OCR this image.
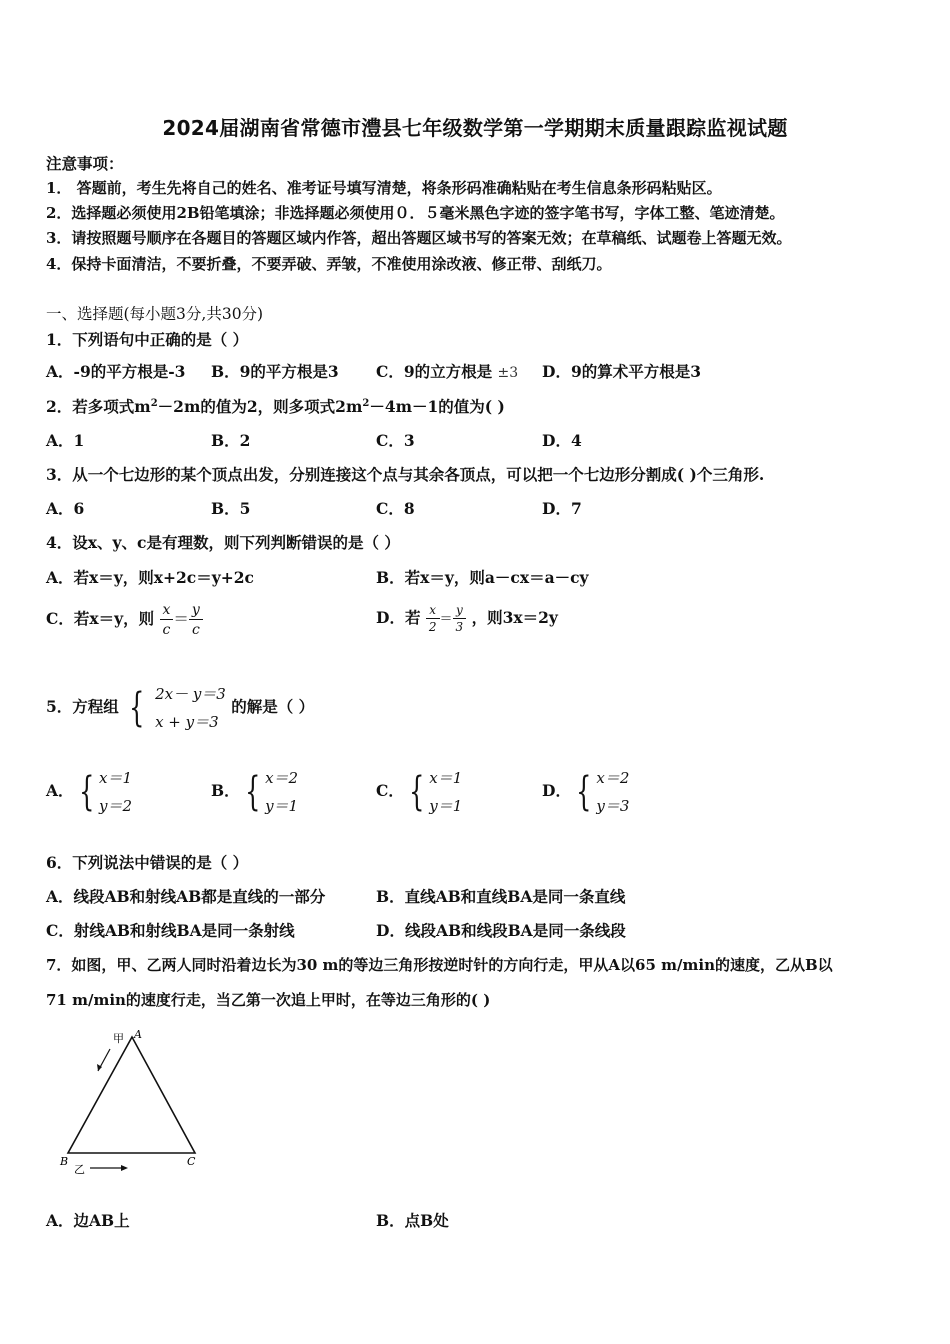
2024届湖南省常德市澧县七年级数学第一学期期末质量跟踪监视试题
注意事项：
1． 答题前，考生先将自己的姓名、准考证号填写清楚，将条形码准确粘贴在考生信息条形码粘贴区。
2．选择题必须使用2B铅笔填涂；非选择题必须使用０．５毫米黑色字迹的签字笔书写，字体工整、笔迹清楚。
3．请按照题号顺序在各题目的答题区域内作答，超出答题区域书写的答案无效；在草稿纸、试题卷上答题无效。
4．保持卡面清洁，不要折叠，不要弄破、弄皱，不准使用涂改液、修正带、刮纸刀。
一、选择题(每小题3分,共30分)
1．下列语句中正确的是（ ）
A．-9的平方根是-3 B．9的平方根是3 C．9的立方根是 ±3 D．9的算术平方根是3
2．若多项式$m^2-2m$的值为2，则多项式$2m^2-4m-1$的值为( )
A．1	B．2	C．3	D．4
3．从一个七边形的某个顶点出发，分别连接这个点与其余各顶点，可以把一个七边形分割成( )个三角形.
A．6	B．5	C．8	D．7
4．设x、y、c是有理数，则下列判断错误的是（ ）
A．若x＝y，则x+2c＝y+2c	B．若x＝y，则a－cx＝a－cy
C．若x＝y，则 $\frac{x}{c} = \frac{y}{c}$	D．若 $\frac{x}{2} = \frac{y}{3}$ ，则3x＝2y
5．方程组 { 2x－ y＝3
x + y＝3
的解是（ ）
A． { x＝1
y＝2
B． { x＝2
y＝1
C． { x＝1
y＝1
D． { x＝2
y＝3
6．下列说法中错误的是（ ）
A．线段AB和射线AB都是直线的一部分	B．直线AB和直线BA是同一条直线
C．射线AB和射线BA是同一条射线	D．线段AB和线段BA是同一条线段
7．如图，甲、乙两人同时沿着边长为30 m的等边三角形按逆时针的方向行走，甲从A以65 m/min的速度，乙从B以
71 m/min的速度行走，当乙第一次追上甲时，在等边三角形的( )
A
B	C
甲
乙
A．边AB上	B．点B处
